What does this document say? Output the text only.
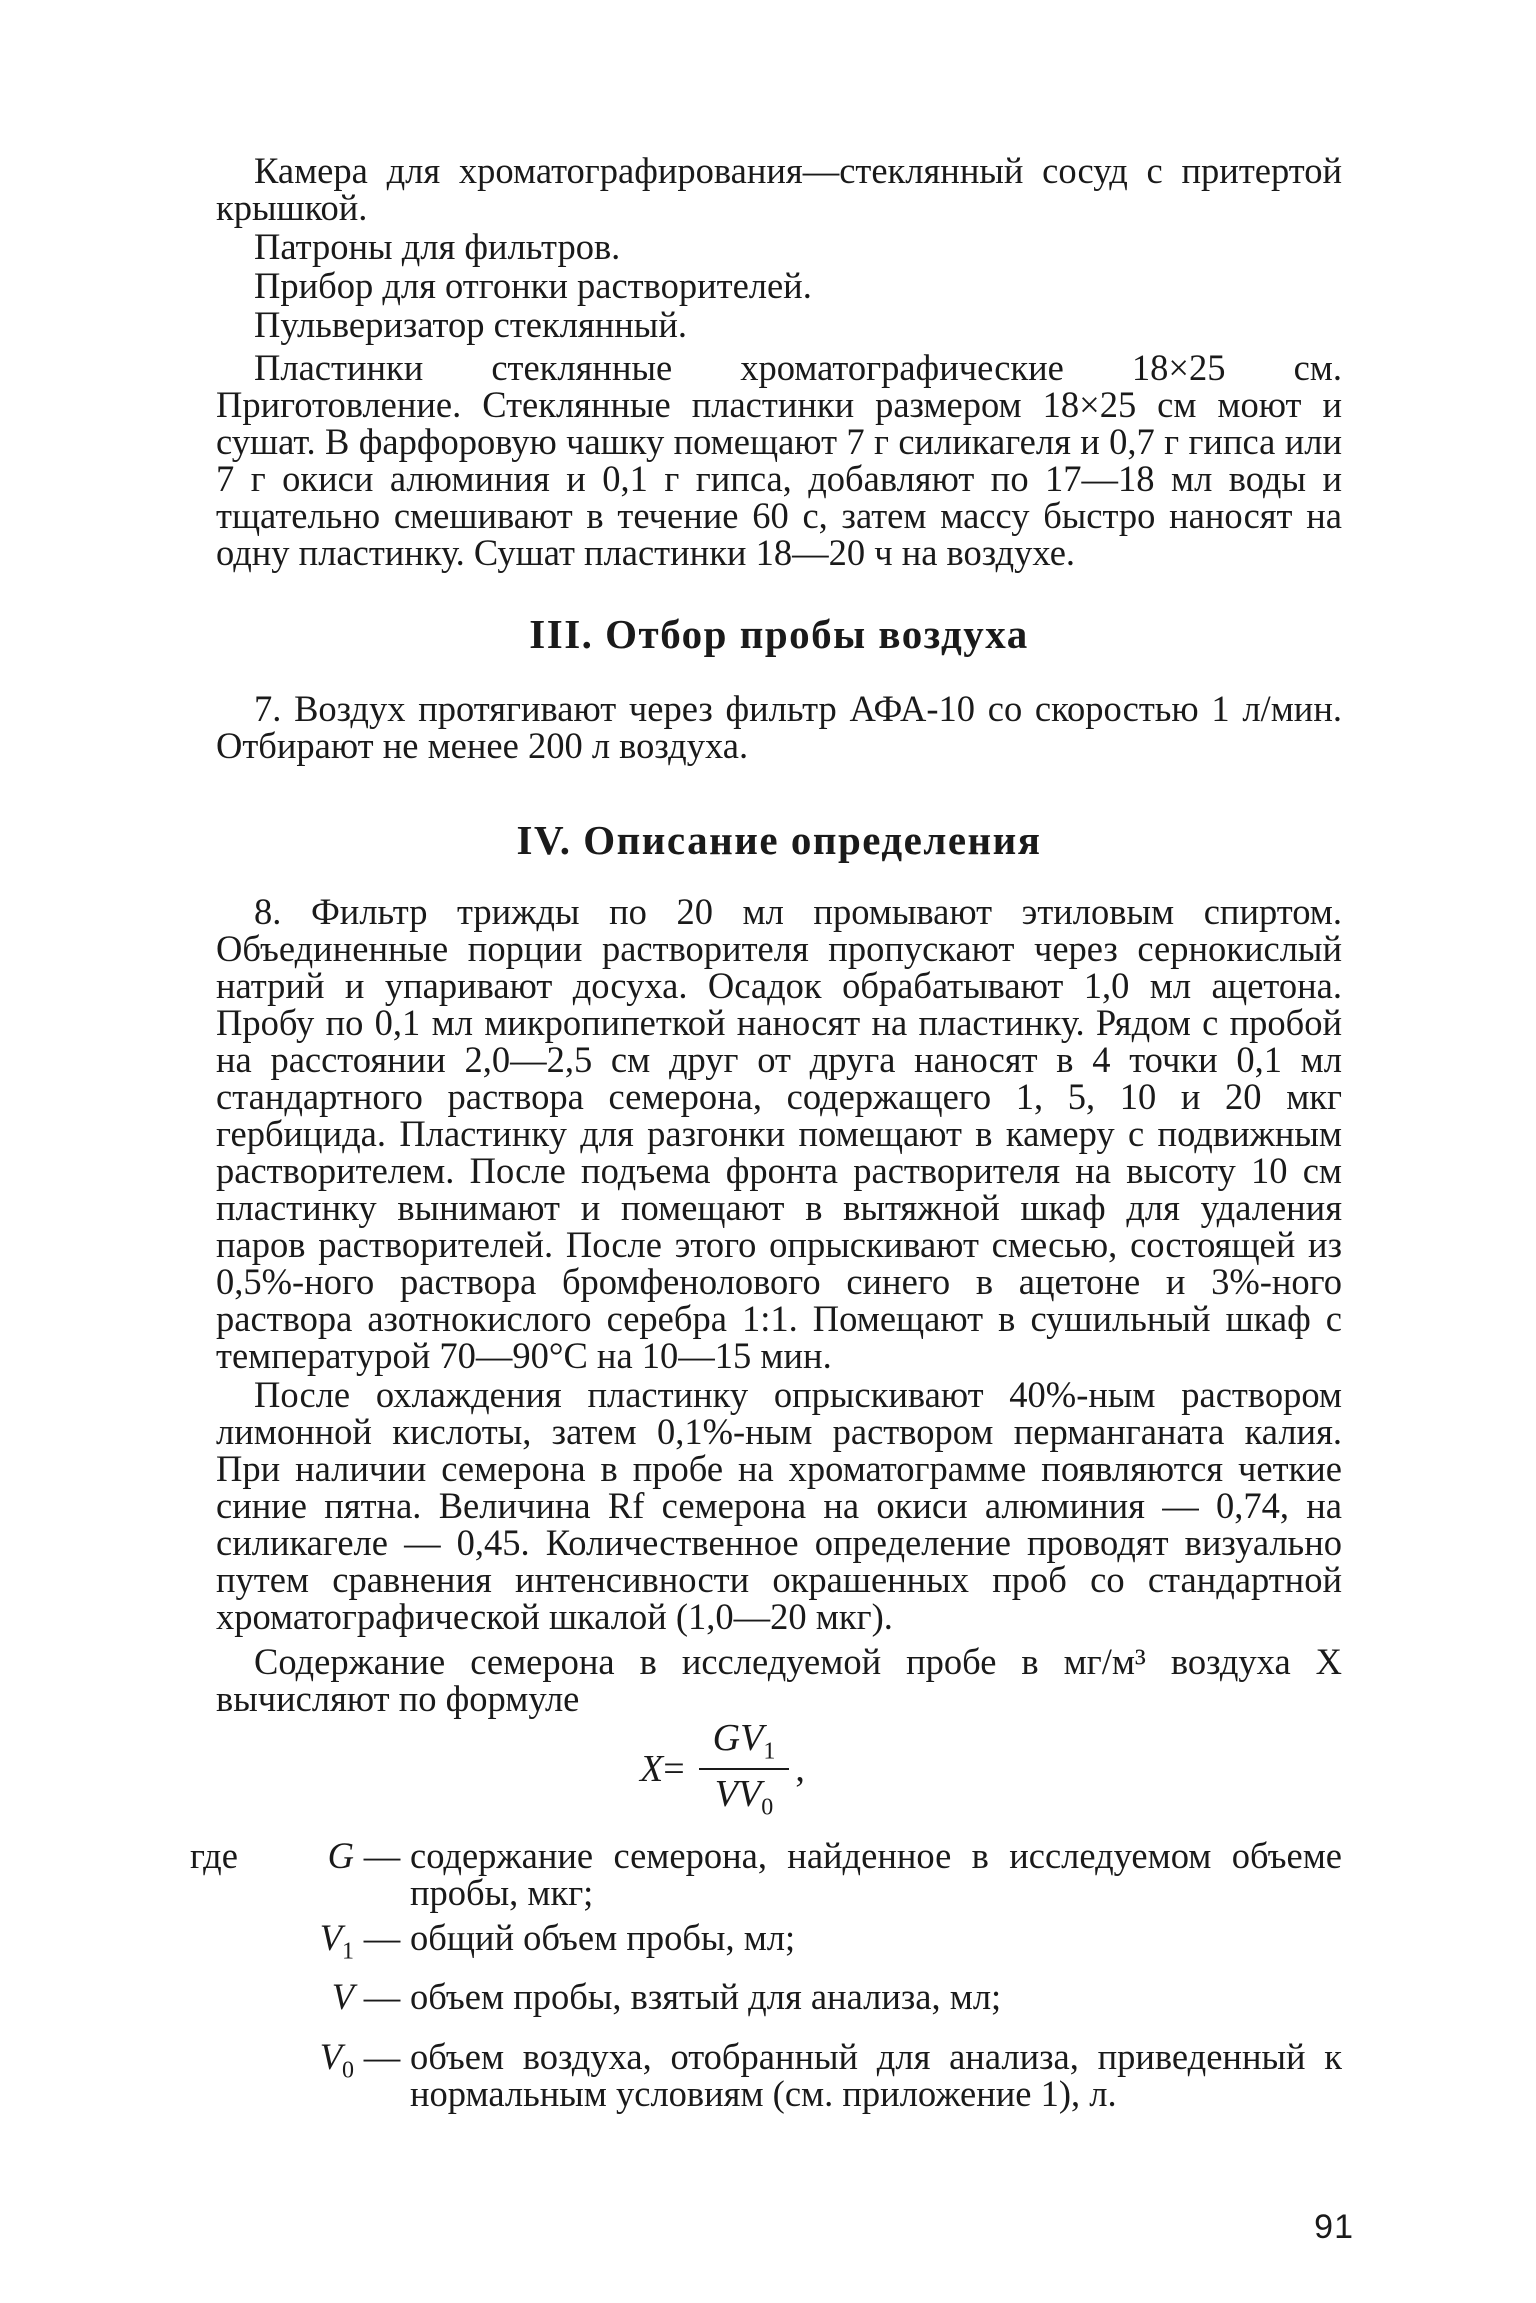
Камера для хроматографирования—стеклянный сосуд с притертой крышкой.

Патроны для фильтров.

Прибор для отгонки растворителей.

Пульверизатор стеклянный.

Пластинки стеклянные хроматографические 18×25 см. Приготовление. Стеклянные пластинки размером 18×25 см моют и сушат. В фарфоровую чашку помещают 7 г силикагеля и 0,7 г гипса или 7 г окиси алюминия и 0,1 г гипса, добавляют по 17—18 мл воды и тщательно смешивают в течение 60 с, затем массу быстро наносят на одну пластинку. Сушат пластинки 18—20 ч на воздухе.

III. Отбор пробы воздуха

7. Воздух протягивают через фильтр АФА-10 со скоростью 1 л/мин. Отбирают не менее 200 л воздуха.

IV. Описание определения

8. Фильтр трижды по 20 мл промывают этиловым спиртом. Объединенные порции растворителя пропускают через сернокислый натрий и упаривают досуха. Осадок обрабатывают 1,0 мл ацетона. Пробу по 0,1 мл микропипеткой наносят на пластинку. Рядом с пробой на расстоянии 2,0—2,5 см друг от друга наносят в 4 точки 0,1 мл стандартного раствора семерона, содержащего 1, 5, 10 и 20 мкг гербицида. Пластинку для разгонки помещают в камеру с подвижным растворителем. После подъема фронта растворителя на высоту 10 см пластинку вынимают и помещают в вытяжной шкаф для удаления паров растворителей. После этого опрыскивают смесью, состоящей из 0,5%-ного раствора бромфенолового синего в ацетоне и 3%-ного раствора азотнокислого серебра 1:1. Помещают в сушильный шкаф с температурой 70—90°С на 10—15 мин.

После охлаждения пластинку опрыскивают 40%-ным раствором лимонной кислоты, затем 0,1%-ным раствором перманганата калия. При наличии семерона в пробе на хроматограмме появляются четкие синие пятна. Величина Rf семерона на окиси алюминия — 0,74, на силикагеле — 0,45. Количественное определение проводят визуально путем сравнения интенсивности окрашенных проб со стандартной хроматографической шкалой (1,0—20 мкг).

Содержание семерона в исследуемой пробе в мг/м³ воздуха X вычисляют по формуле

$X = \frac{GV_1}{VV_0}$ ,
где	G — содержание семерона, найденное в исследуемом объеме пробы, мкг;
$V_1$ — общий объем пробы, мл;
V — объем пробы, взятый для анализа, мл;
$V_0$ — объем воздуха, отобранный для анализа, приведенный к нормальным условиям (см. приложение 1), л.
91
